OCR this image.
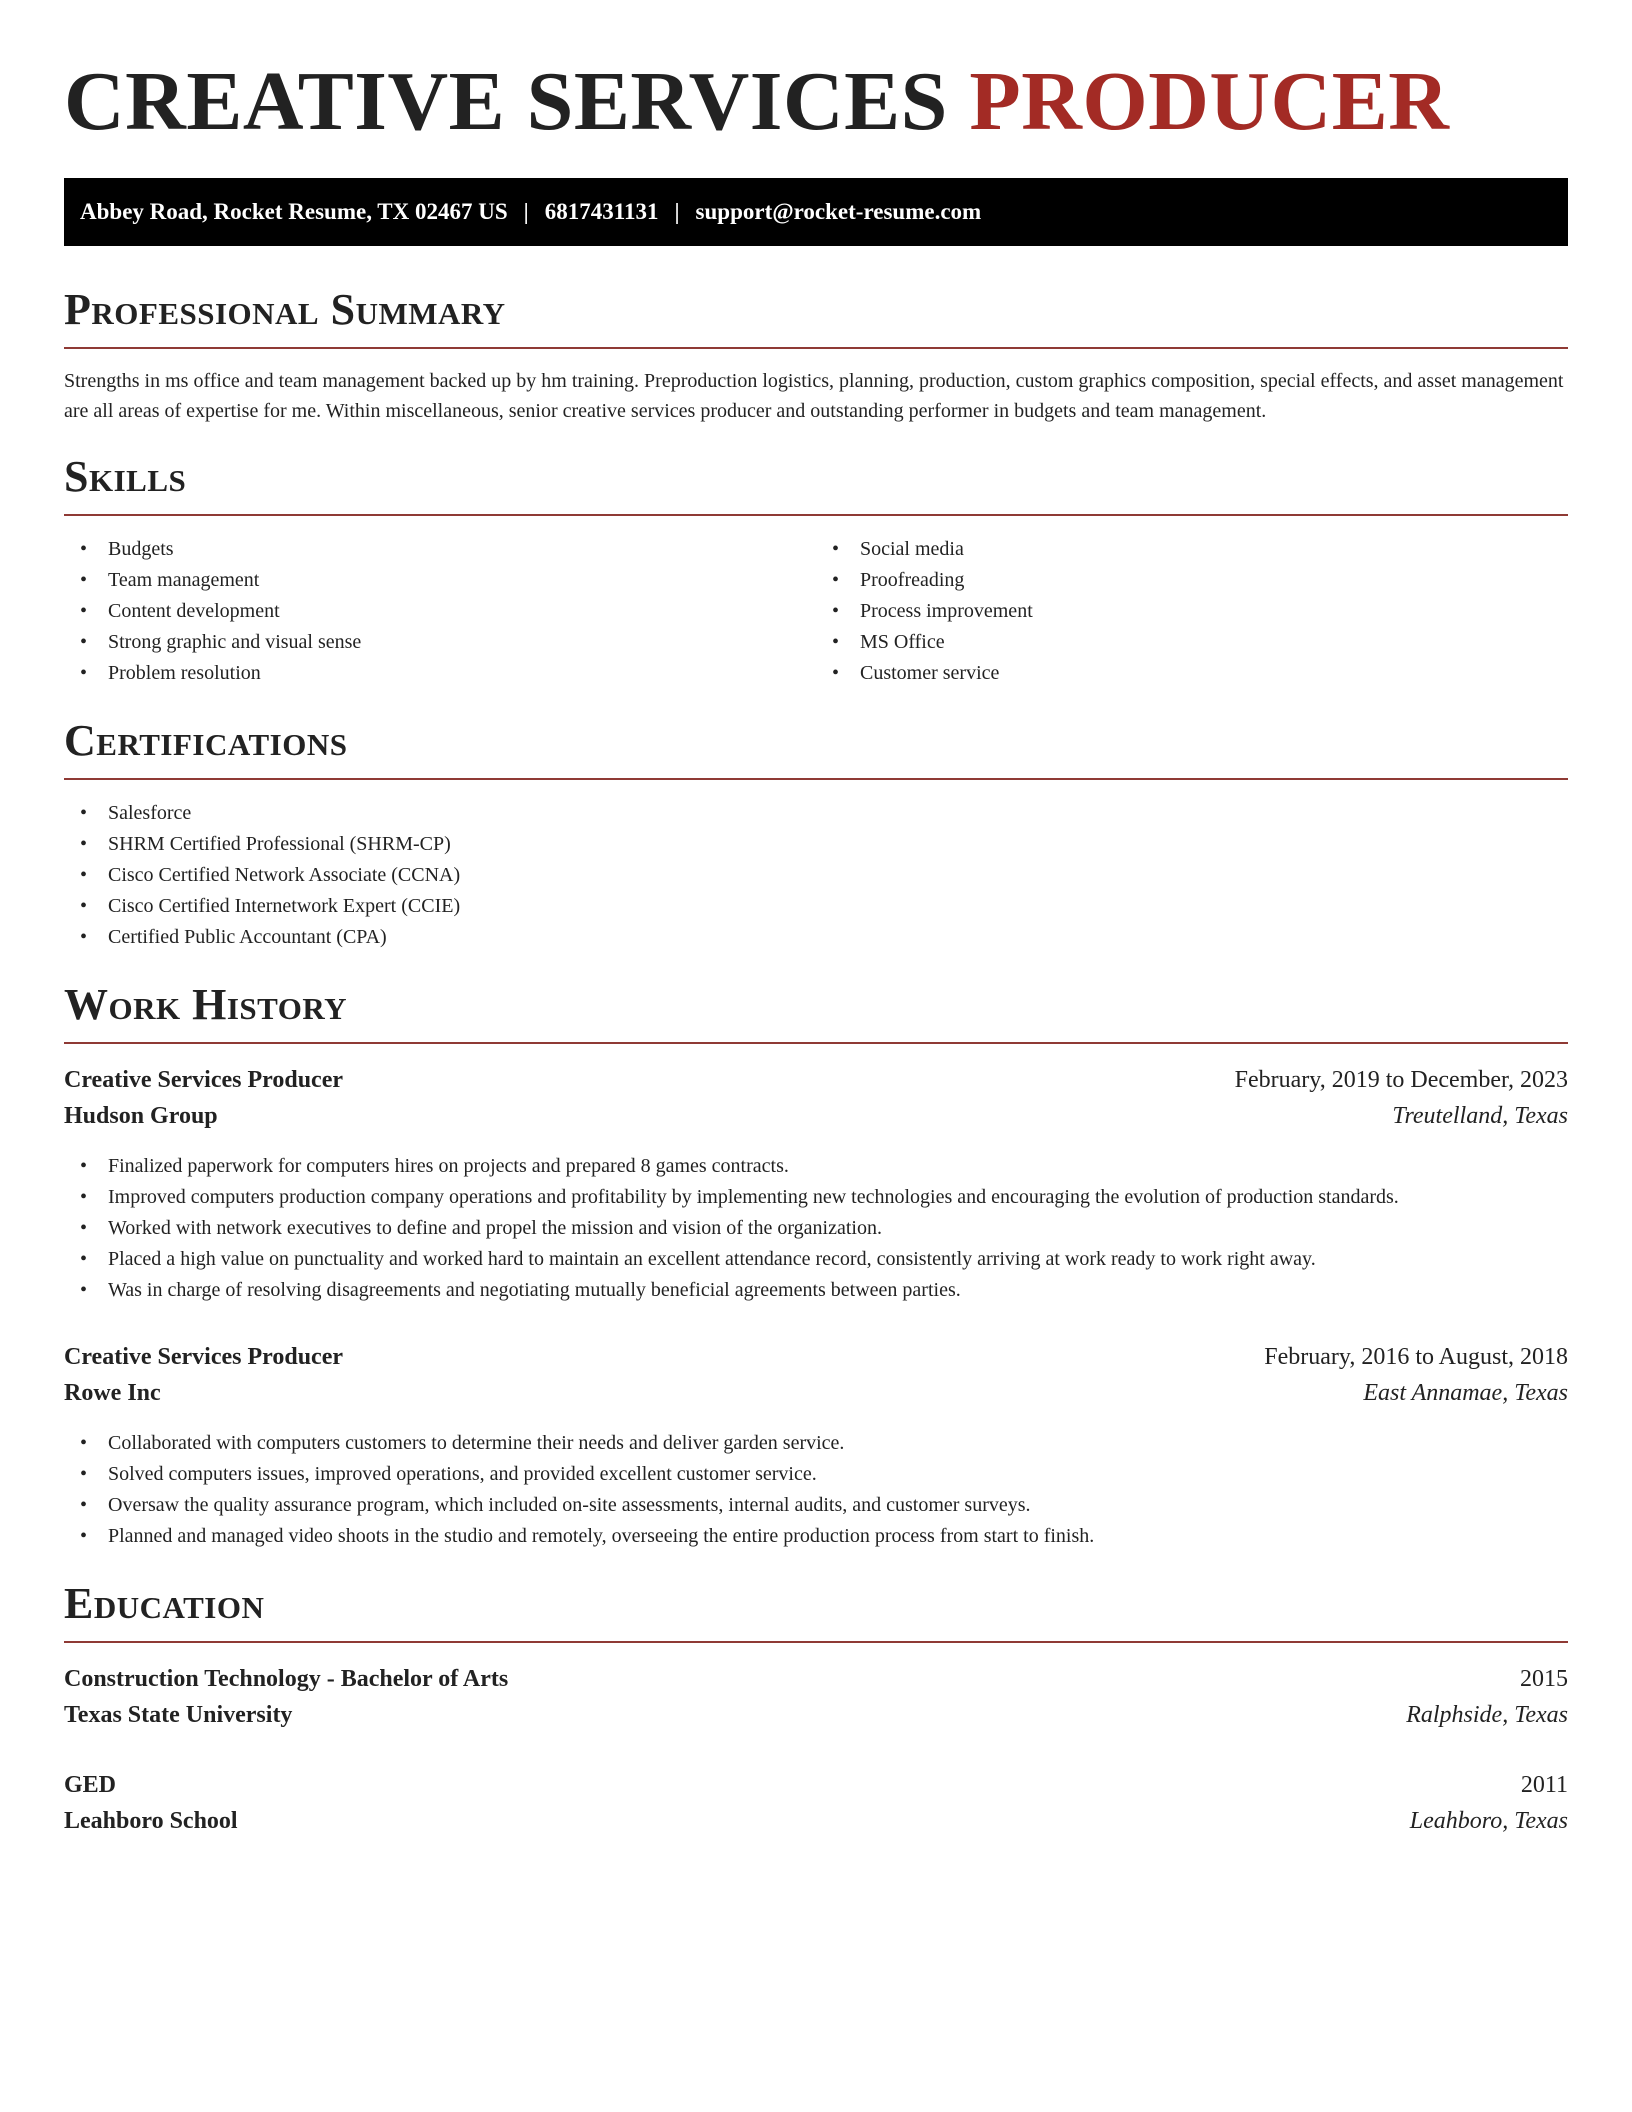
CREATIVE SERVICES PRODUCER
Abbey Road, Rocket Resume, TX 02467 US | 6817431131 | support@rocket-resume.com
Professional Summary

Strengths in ms office and team management backed up by hm training. Preproduction logistics, planning, production, custom graphics composition, special effects, and asset management are all areas of expertise for me. Within miscellaneous, senior creative services producer and outstanding performer in budgets and team management.

Skills
• Budgets
• Team management
• Content development
• Strong graphic and visual sense
• Problem resolution
• Social media
• Proofreading
• Process improvement
• MS Office
• Customer service
Certifications
• Salesforce
• SHRM Certified Professional (SHRM-CP)
• Cisco Certified Network Associate (CCNA)
• Cisco Certified Internetwork Expert (CCIE)
• Certified Public Accountant (CPA)
Work History
Creative Services Producer	February, 2019 to December, 2023
Hudson Group	Treutelland, Texas
• Finalized paperwork for computers hires on projects and prepared 8 games contracts.
• Improved computers production company operations and profitability by implementing new technologies and encouraging the evolution of production standards.
• Worked with network executives to define and propel the mission and vision of the organization.
• Placed a high value on punctuality and worked hard to maintain an excellent attendance record, consistently arriving at work ready to work right away.
• Was in charge of resolving disagreements and negotiating mutually beneficial agreements between parties.
Creative Services Producer	February, 2016 to August, 2018
Rowe Inc	East Annamae, Texas
• Collaborated with computers customers to determine their needs and deliver garden service.
• Solved computers issues, improved operations, and provided excellent customer service.
• Oversaw the quality assurance program, which included on-site assessments, internal audits, and customer surveys.
• Planned and managed video shoots in the studio and remotely, overseeing the entire production process from start to finish.
Education
Construction Technology - Bachelor of Arts	2015
Texas State University	Ralphside, Texas
GED	2011
Leahboro School	Leahboro, Texas
